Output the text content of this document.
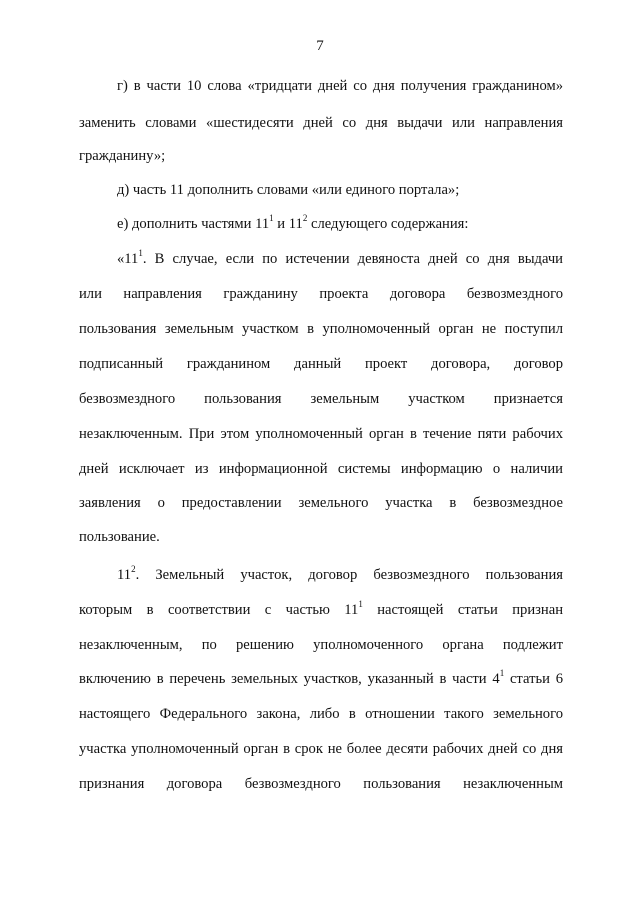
7
г) в части 10 слова «тридцати дней со дня получения гражданином»
заменить словами «шестидесяти дней со дня выдачи или направления
гражданину»;
д) часть 11 дополнить словами «или единого портала»;
е) дополнить частями $11^1$ и $11^2$ следующего содержания:
«$11^1$. В случае, если по истечении девяноста дней со дня выдачи
или направления гражданину проекта договора безвозмездного
пользования земельным участком в уполномоченный орган не поступил
подписанный гражданином данный проект договора, договор
безвозмездного пользования земельным участком признается
незаключенным. При этом уполномоченный орган в течение пяти рабочих
дней исключает из информационной системы информацию о наличии
заявления о предоставлении земельного участка в безвозмездное
пользование.
$11^2$. Земельный участок, договор безвозмездного пользования
которым в соответствии с частью $11^1$ настоящей статьи признан
незаключенным, по решению уполномоченного органа подлежит
включению в перечень земельных участков, указанный в части $4^1$ статьи 6
настоящего Федерального закона, либо в отношении такого земельного
участка уполномоченный орган в срок не более десяти рабочих дней со дня
признания договора безвозмездного пользования незаключенным
